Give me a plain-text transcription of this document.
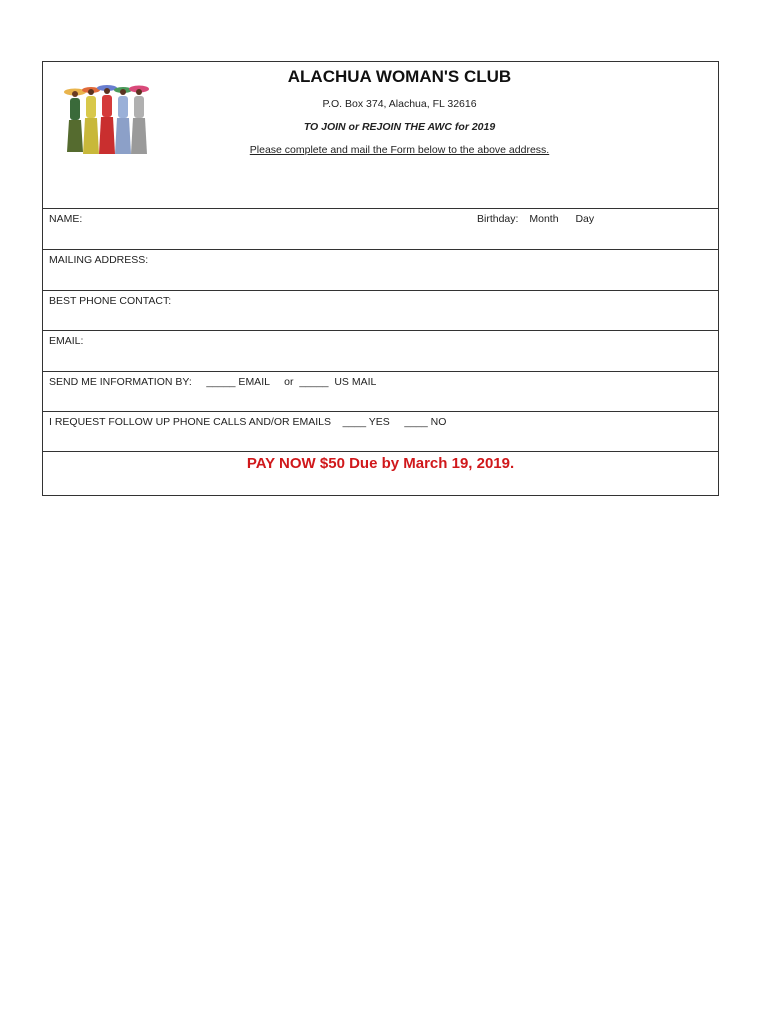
ALACHUA WOMAN'S CLUB
P.O. Box 374, Alachua, FL 32616
TO JOIN or REJOIN THE AWC for 2019
Please complete and mail the Form below to the above address.
NAME:	Birthday: Month Day
MAILING ADDRESS:
BEST PHONE CONTACT:
EMAIL:
SEND ME INFORMATION BY:     _____ EMAIL     or  _____  US MAIL
I REQUEST FOLLOW UP PHONE CALLS AND/OR EMAILS    ____ YES     ____ NO
PAY NOW $50 Due by March 19, 2019.
